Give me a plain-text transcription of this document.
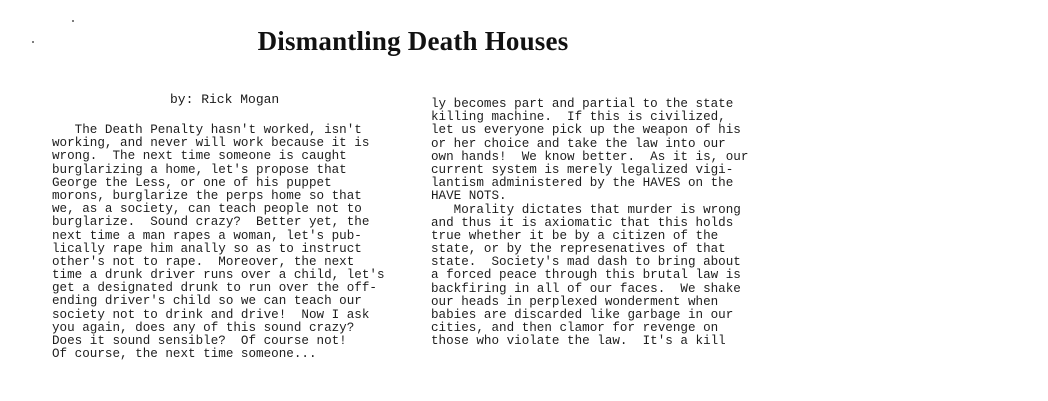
Dismantling Death Houses
by: Rick Mogan
The Death Penalty hasn't worked, isn't
working, and never will work because it is
wrong.  The next time someone is caught
burglarizing a home, let's propose that
George the Less, or one of his puppet
morons, burglarize the perps home so that
we, as a society, can teach people not to
burglarize.  Sound crazy?  Better yet, the
next time a man rapes a woman, let's pub-
lically rape him anally so as to instruct
other's not to rape.  Moreover, the next
time a drunk driver runs over a child, let's
get a designated drunk to run over the off-
ending driver's child so we can teach our
society not to drink and drive!  Now I ask
you again, does any of this sound crazy?
Does it sound sensible?  Of course not!
Of course, the next time someone...
ly becomes part and partial to the state
killing machine.  If this is civilized,
let us everyone pick up the weapon of his
or her choice and take the law into our
own hands!  We know better.  As it is, our
current system is merely legalized vigi-
lantism administered by the HAVES on the
HAVE NOTS.
Morality dictates that murder is wrong
and thus it is axiomatic that this holds
true whether it be by a citizen of the
state, or by the represenatives of that
state.  Society's mad dash to bring about
a forced peace through this brutal law is
backfiring in all of our faces.  We shake
our heads in perplexed wonderment when
babies are discarded like garbage in our
cities, and then clamor for revenge on
those who violate the law.  It's a kill
